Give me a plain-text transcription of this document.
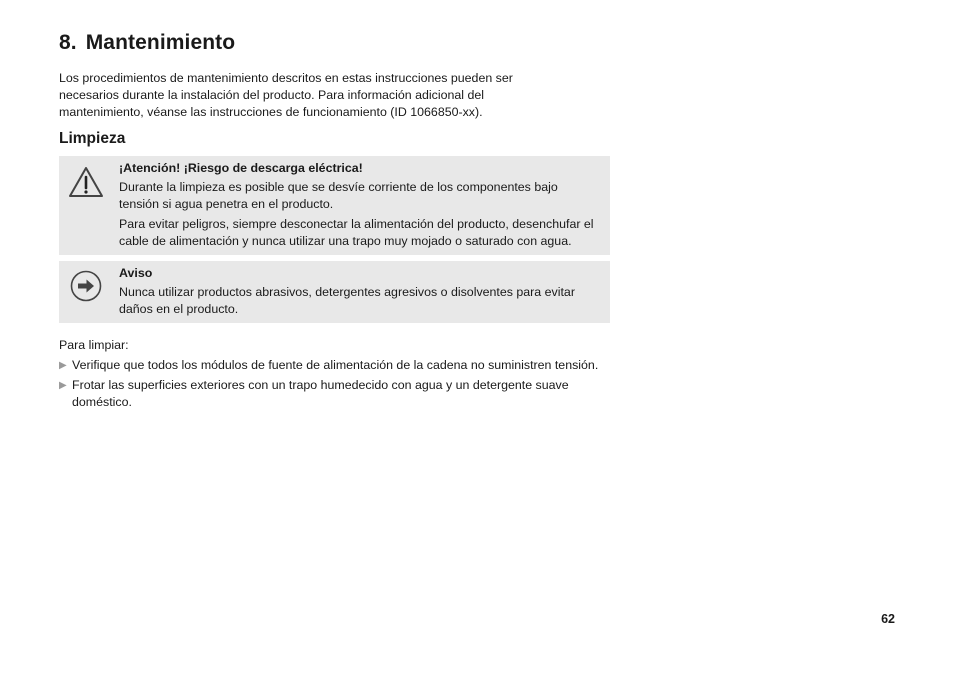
8. Mantenimiento

Los procedimientos de mantenimiento descritos en estas instrucciones pueden ser necesarios durante la instalación del producto. Para información adicional del mantenimiento, véanse las instrucciones de funcionamiento (ID 1066850-xx).

Limpieza
¡Atención! ¡Riesgo de descarga eléctrica!

Durante la limpieza es posible que se desvíe corriente de los componentes bajo tensión si agua penetra en el producto.

Para evitar peligros, siempre desconectar la alimentación del producto, desenchufar el cable de alimentación y nunca utilizar una trapo muy mojado o saturado con agua.

Aviso

Nunca utilizar productos abrasivos, detergentes agresivos o disolventes para evitar daños en el producto.

Para limpiar:

▶ Verifique que todos los módulos de fuente de alimentación de la cadena no suministren tensión.
▶ Frotar las superficies exteriores con un trapo humedecido con agua y un detergente suave doméstico.
62
